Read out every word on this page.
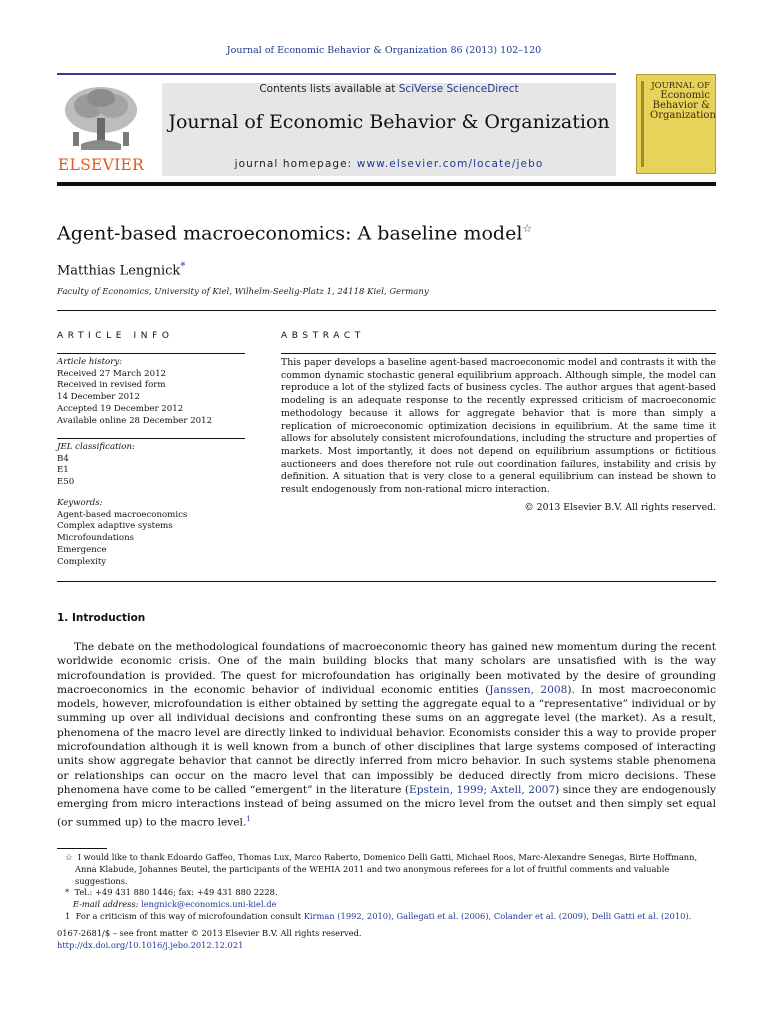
Journal of Economic Behavior & Organization 86 (2013) 102–120
ELSEVIER
Contents lists available at SciVerse ScienceDirect
Journal of Economic Behavior & Organization
journal homepage: www.elsevier.com/locate/jebo
JOURNAL OF
Economic
Behavior &
Organization
Agent-based macroeconomics: A baseline model☆
Matthias Lengnick*
Faculty of Economics, University of Kiel, Wilhelm-Seelig-Platz 1, 24118 Kiel, Germany
ARTICLE INFO
Article history:
Received 27 March 2012
Received in revised form
14 December 2012
Accepted 19 December 2012
Available online 28 December 2012
JEL classification:
B4
E1
E50
Keywords:
Agent-based macroeconomics
Complex adaptive systems
Microfoundations
Emergence
Complexity
ABSTRACT
This paper develops a baseline agent-based macroeconomic model and contrasts it with the common dynamic stochastic general equilibrium approach. Although simple, the model can reproduce a lot of the stylized facts of business cycles. The author argues that agent-based modeling is an adequate response to the recently expressed criticism of macroeconomic methodology because it allows for aggregate behavior that is more than simply a replication of microeconomic optimization decisions in equilibrium. At the same time it allows for absolutely consistent microfoundations, including the structure and properties of markets. Most importantly, it does not depend on equilibrium assumptions or fictitious auctioneers and does therefore not rule out coordination failures, instability and crisis by definition. A situation that is very close to a general equilibrium can instead be shown to result endogenously from non-rational micro interaction.
© 2013 Elsevier B.V. All rights reserved.
1. Introduction
The debate on the methodological foundations of macroeconomic theory has gained new momentum during the recent worldwide economic crisis. One of the main building blocks that many scholars are unsatisfied with is the way microfoundation is provided. The quest for microfoundation has originally been motivated by the desire of grounding macroeconomics in the economic behavior of individual economic entities (Janssen, 2008). In most macroeconomic models, however, microfoundation is either obtained by setting the aggregate equal to a “representative” individual or by summing up over all individual decisions and confronting these sums on an aggregate level (the market). As a result, phenomena of the macro level are directly linked to individual behavior. Economists consider this a way to provide proper microfoundation although it is well known from a bunch of other disciplines that large systems composed of interacting units show aggregate behavior that cannot be directly inferred from micro behavior. In such systems stable phenomena or relationships can occur on the macro level that can impossibly be deduced directly from micro decisions. These phenomena have come to be called “emergent” in the literature (Epstein, 1999; Axtell, 2007) since they are endogenously emerging from micro interactions instead of being assumed on the micro level from the outset and then simply set equal (or summed up) to the macro level.$^1$
☆ I would like to thank Edoardo Gaffeo, Thomas Lux, Marco Raberto, Domenico Delli Gatti, Michael Roos, Marc-Alexandre Senegas, Birte Hoffmann, Anna Klabude, Johannes Beutel, the participants of the WEHIA 2011 and two anonymous referees for a lot of fruitful comments and valuable suggestions.
* Tel.: +49 431 880 1446; fax: +49 431 880 2228.
E-mail address: lengnick@economics.uni-kiel.de
1 For a criticism of this way of microfoundation consult Kirman (1992, 2010), Gallegati et al. (2006), Colander et al. (2009), Delli Gatti et al. (2010).
0167-2681/$ – see front matter © 2013 Elsevier B.V. All rights reserved.
http://dx.doi.org/10.1016/j.jebo.2012.12.021
